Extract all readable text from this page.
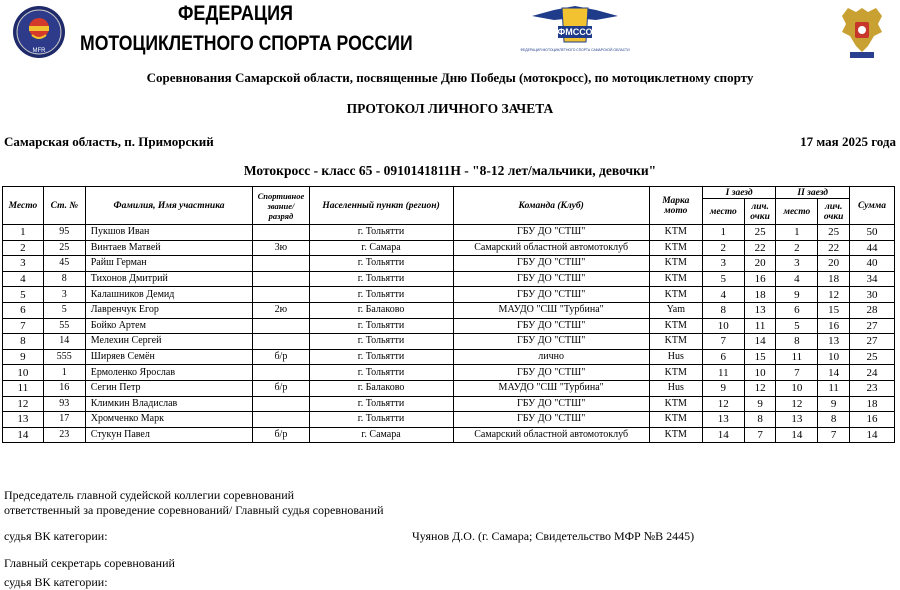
MFR
ФЕДЕРАЦИЯ
МОТОЦИКЛЕТНОГО СПОРТА РОССИИ	ФМССО
ФЕДЕРАЦИЯ МОТОЦИКЛЕТНОГО СПОРТА САМАРСКОЙ ОБЛАСТИ
Соревнования Самарской области, посвященные Дню Победы (мотокросс), по мотоциклетному спорту
ПРОТОКОЛ ЛИЧНОГО ЗАЧЕТА
Самарская область, п. Приморский	17 мая 2025 года
Мотокросс - класс 65 - 0910141811Н - "8-12 лет/мальчики, девочки"
Место	Ст. №	Фамилия, Имя участника	Спортивное звание/ разряд	Населенный пункт (регион)	Команда (Клуб)	Марка мото	I заезд		II заезд		Сумма
							место	лич. очки	место	лич. очки	
1	95	Пукшов Иван		г. Тольятти	ГБУ ДО "СТШ"	KTM	1	25	1	25	50
2	25	Винтаев Матвей	3ю	г. Самара	Самарский областной автомотоклуб	KTM	2	22	2	22	44
3	45	Райш Герман		г. Тольятти	ГБУ ДО "СТШ"	KTM	3	20	3	20	40
4	8	Тихонов Дмитрий		г. Тольятти	ГБУ ДО "СТШ"	KTM	5	16	4	18	34
5	3	Калашников Демид		г. Тольятти	ГБУ ДО "СТШ"	KTM	4	18	9	12	30
6	5	Лавренчук Егор	2ю	г. Балаково	МАУДО "СШ "Турбина"	Yam	8	13	6	15	28
7	55	Бойко Артем		г. Тольятти	ГБУ ДО "СТШ"	KTM	10	11	5	16	27
8	14	Мелехин Сергей		г. Тольятти	ГБУ ДО "СТШ"	KTM	7	14	8	13	27
9	555	Ширяев Семён	б/р	г. Тольятти	лично	Hus	6	15	11	10	25
10	1	Ермоленко Ярослав		г. Тольятти	ГБУ ДО "СТШ"	KTM	11	10	7	14	24
11	16	Сегин Петр	б/р	г. Балаково	МАУДО "СШ "Турбина"	Hus	9	12	10	11	23
12	93	Климкин Владислав		г. Тольятти	ГБУ ДО "СТШ"	KTM	12	9	12	9	18
13	17	Хромченко Марк		г. Тольятти	ГБУ ДО "СТШ"	KTM	13	8	13	8	16
14	23	Стукун Павел	б/р	г. Самара	Самарский областной автомотоклуб	KTM	14	7	14	7	14
Председатель главной судейской коллегии соревнований
ответственный за проведение соревнований/ Главный судья соревнований
судья ВК категории:	Чуянов Д.О. (г. Самара; Свидетельство МФР №В 2445)
Главный секретарь соревнований
судья ВК категории:
